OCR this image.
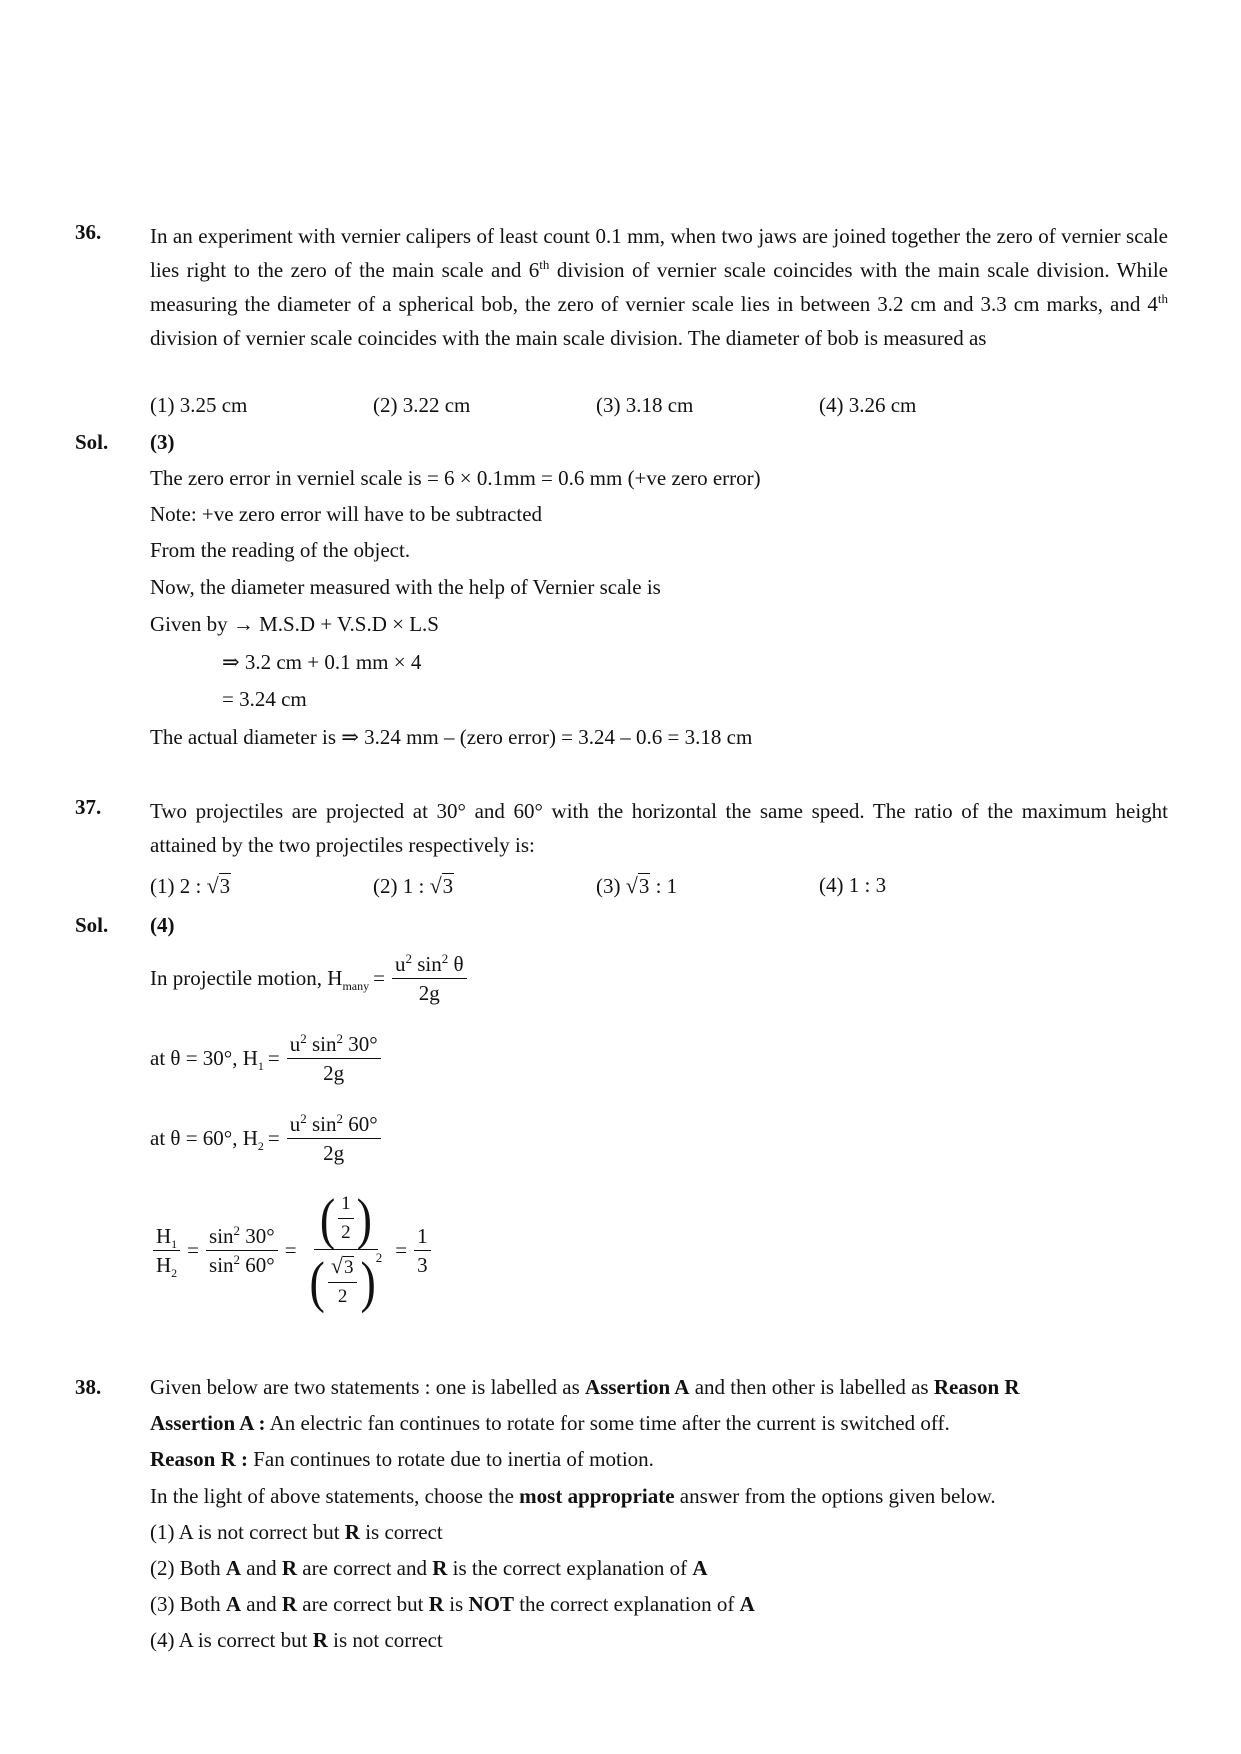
36. In an experiment with vernier calipers of least count 0.1 mm, when two jaws are joined together the zero of vernier scale lies right to the zero of the main scale and 6th division of vernier scale coincides with the main scale division. While measuring the diameter of a spherical bob, the zero of vernier scale lies in between 3.2 cm and 3.3 cm marks, and 4th division of vernier scale coincides with the main scale division. The diameter of bob is measured as
(1) 3.25 cm	(2) 3.22 cm	(3) 3.18 cm	(4) 3.26 cm
Sol. (3)
The zero error in verniel scale is = 6 × 0.1mm = 0.6 mm (+ve zero error)
Note: +ve zero error will have to be subtracted
From the reading of the object.
Now, the diameter measured with the help of Vernier scale is
Given by → M.S.D + V.S.D × L.S
⇒ 3.2 cm + 0.1 mm × 4
= 3.24 cm
The actual diameter is ⇒ 3.24 mm – (zero error) = 3.24 – 0.6 = 3.18 cm
37. Two projectiles are projected at 30° and 60° with the horizontal the same speed. The ratio of the maximum height attained by the two projectiles respectively is:
(1) 2 : √3	(2) 1 : √3	(3) √3 : 1	(4) 1 : 3
Sol. (4)
In projectile motion, H many = $\frac{u^2 \sin^2 \theta}{2g}$
at θ = 30°, H $1 = \frac{u^2 \sin^2 30^\circ}{2g}$
at θ = 60°, H $2 = \frac{u^2 \sin^2 60^\circ}{2g}$
$\frac{H_1}{H_2} = \frac{\sin^2 30^\circ}{\sin^2 60^\circ} = \frac{( \frac{1}{2} )}{( \frac{√3}{2} ) 2} = \frac{1}{3}$
38. Given below are two statements : one is labelled as Assertion A and then other is labelled as Reason R
Assertion A : An electric fan continues to rotate for some time after the current is switched off.
Reason R : Fan continues to rotate due to inertia of motion.
In the light of above statements, choose the most appropriate answer from the options given below.
(1) A is not correct but R is correct
(2) Both A and R are correct and R is the correct explanation of A
(3) Both A and R are correct but R is NOT the correct explanation of A
(4) A is correct but R is not correct
